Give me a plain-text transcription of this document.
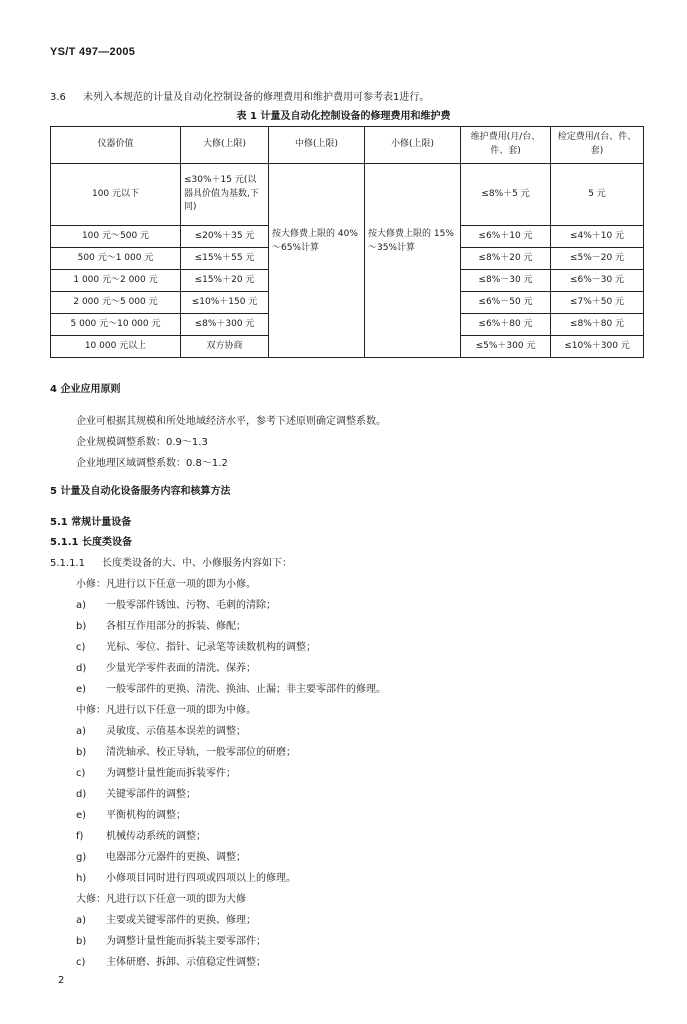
YS/T 497—2005
3.6 未列入本规范的计量及自动化控制设备的修理费用和维护费用可参考表1进行。
表 1 计量及自动化控制设备的修理费用和维护费
仪器价值	大修(上限)	中修(上限)	小修(上限)	维护费用(月/台、件、套)	检定费用/(台、件、套)
100 元以下	≤30%＋15 元(以器具价值为基数,下同)	按大修费上限的 40%～65%计算	按大修费上限的 15%～35%计算	≤8%＋5 元	5 元
100 元～500 元	≤20%＋35 元			≤6%＋10 元	≤4%＋10 元
500 元～1 000 元	≤15%＋55 元			≤8%＋20 元	≤5%－20 元
1 000 元～2 000 元	≤15%＋20 元			≤8%－30 元	≤6%－30 元
2 000 元～5 000 元	≤10%＋150 元			≤6%－50 元	≤7%＋50 元
5 000 元～10 000 元	≤8%＋300 元			≤6%＋80 元	≤8%＋80 元
10 000 元以上	双方协商			≤5%＋300 元	≤10%＋300 元
4 企业应用原则
企业可根据其规模和所处地域经济水平，参考下述原则确定调整系数。
企业规模调整系数：0.9～1.3
企业地理区域调整系数：0.8～1.2
5 计量及自动化设备服务内容和核算方法
5.1 常规计量设备
5.1.1 长度类设备
5.1.1.1 长度类设备的大、中、小修服务内容如下：
小修：凡进行以下任意一项的即为小修。
a) 一般零部件锈蚀、污物、毛刺的清除；
b) 各相互作用部分的拆装、修配；
c) 光标、零位、指针、记录笔等读数机构的调整；
d) 少量光学零件表面的清洗、保养；
e) 一般零部件的更换、清洗、换油、止漏；非主要零部件的修理。
中修：凡进行以下任意一项的即为中修。
a) 灵敏度、示值基本误差的调整；
b) 清洗轴承、校正导轨，一般零部位的研磨；
c) 为调整计量性能而拆装零件；
d) 关键零部件的调整；
e) 平衡机构的调整；
f) 机械传动系统的调整；
g) 电器部分元器件的更换、调整；
h) 小修项目同时进行四项或四项以上的修理。
大修：凡进行以下任意一项的即为大修
a) 主要或关键零部件的更换、修理；
b) 为调整计量性能而拆装主要零部件；
c) 主体研磨、拆卸、示值稳定性调整；
2
